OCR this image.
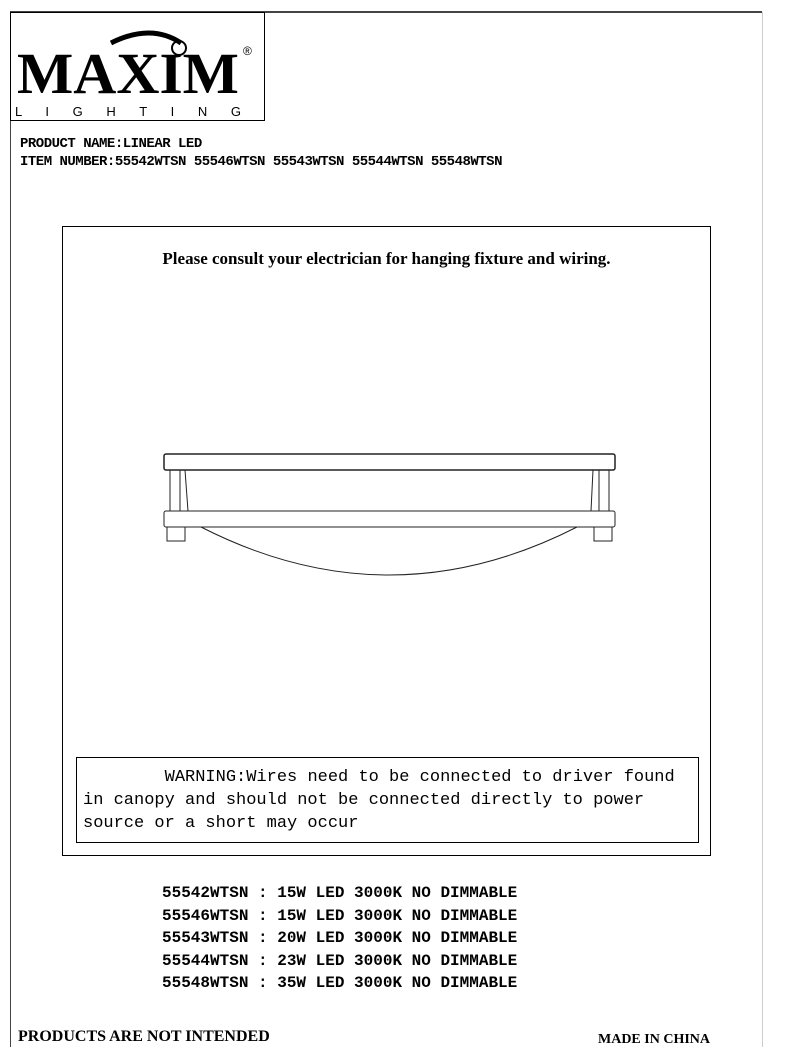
MAXIM ®
L I G H T I N G
PRODUCT NAME:LINEAR LED
ITEM NUMBER:55542WTSN 55546WTSN 55543WTSN 55544WTSN 55548WTSN
Please consult your electrician for hanging fixture and wiring.
WARNING:Wires need to be connected to driver found in canopy and should not be connected directly to power source or a short may occur
55542WTSN : 15W LED 3000K NO DIMMABLE
55546WTSN : 15W LED 3000K NO DIMMABLE
55543WTSN : 20W LED 3000K NO DIMMABLE
55544WTSN : 23W LED 3000K NO DIMMABLE
55548WTSN : 35W LED 3000K NO DIMMABLE
PRODUCTS ARE NOT INTENDED	MADE IN CHINA
